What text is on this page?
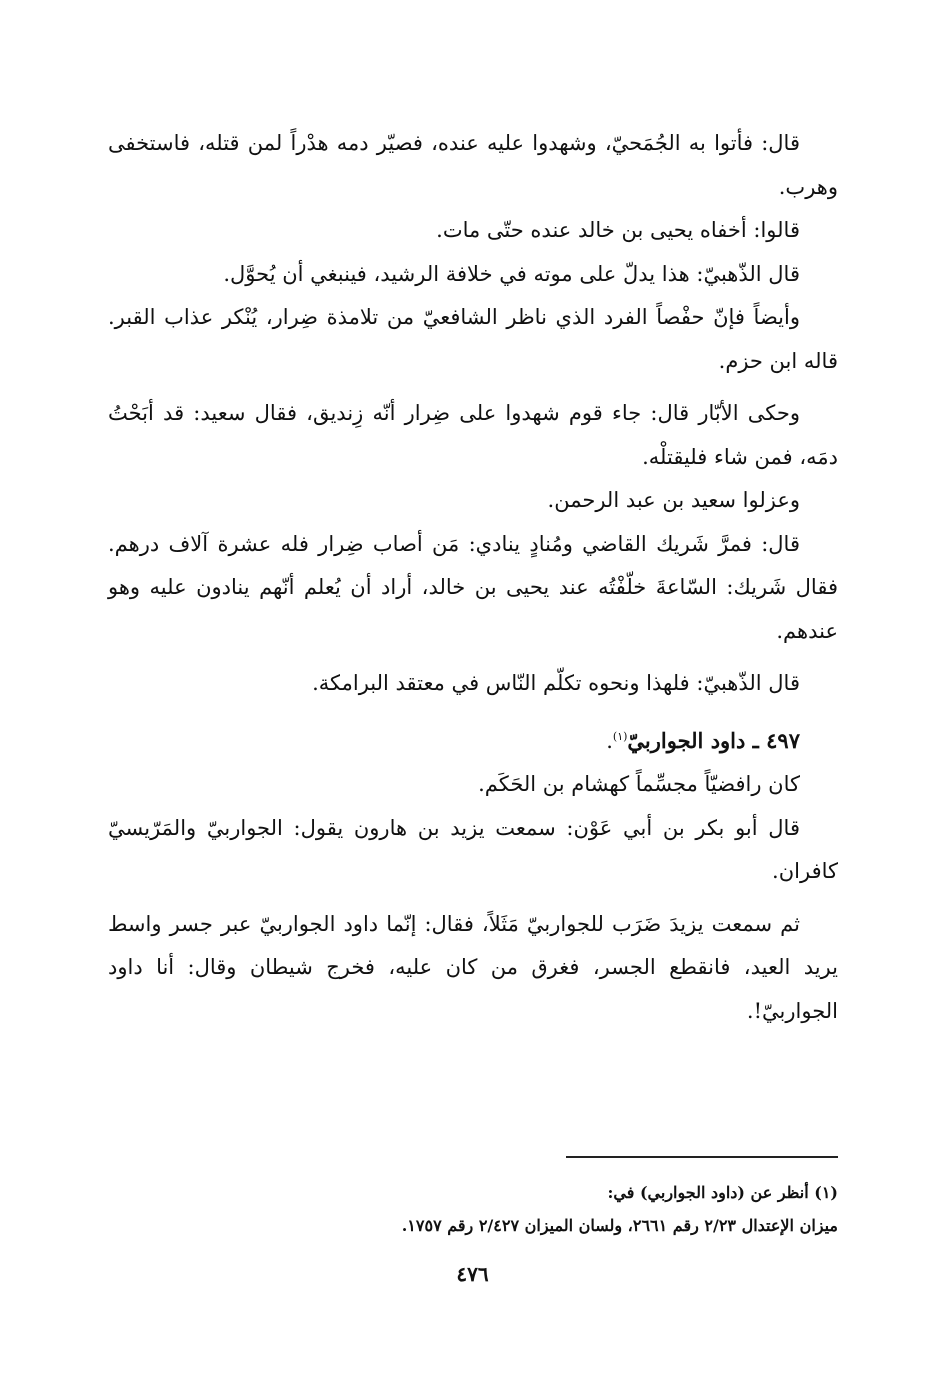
قال: فأتوا به الجُمَحيّ، وشهدوا عليه عنده، فصيّر دمه هدْراً لمن قتله، فاستخفى وهرب.

قالوا: أخفاه يحيى بن خالد عنده حتّى مات.

قال الذّهبيّ: هذا يدلّ على موته في خلافة الرشيد، فينبغي أن يُحوَّل.

وأيضاً فإنّ حفْصاً الفرد الذي ناظر الشافعيّ من تلامذة ضِرار، يُنْكر عذاب القبر. قاله ابن حزم.

وحكى الأبّار قال: جاء قوم شهدوا على ضِرار أنّه زِنديق، فقال سعيد: قد أبَحْتُ دمَه، فمن شاء فليقتلْه.

وعزلوا سعيد بن عبد الرحمن.

قال: فمرَّ شَريك القاضي ومُنادٍ ينادي: مَن أصاب ضِرار فله عشرة آلاف درهم. فقال شَريك: السّاعةَ خلّفْتُه عند يحيى بن خالد، أراد أن يُعلم أنّهم ينادون عليه وهو عندهم.

قال الذّهبيّ: فلهذا ونحوه تكلّم النّاس في معتقد البرامكة.

٤٩٧ ـ داود الجواربيّ$^{(١)}$.

كان رافضيّاً مجسِّماً كهشام بن الحَكَم.

قال أبو بكر بن أبي عَوْن: سمعت يزيد بن هارون يقول: الجواربيّ والمَرّيسيّ كافران.

ثم سمعت يزيدَ ضَرَب للجواربيّ مَثَلاً، فقال: إنّما داود الجواربيّ عبر جسر واسط يريد العيد، فانقطع الجسر، فغرق من كان عليه، فخرج شيطان وقال: أنا داود الجواربيّ!.

(١) أنظر عن (داود الجواربي) في:

ميزان الإعتدال ٢/٢٣ رقم ٢٦٦١، ولسان الميزان ٢/٤٢٧ رقم ١٧٥٧.

٤٧٦
